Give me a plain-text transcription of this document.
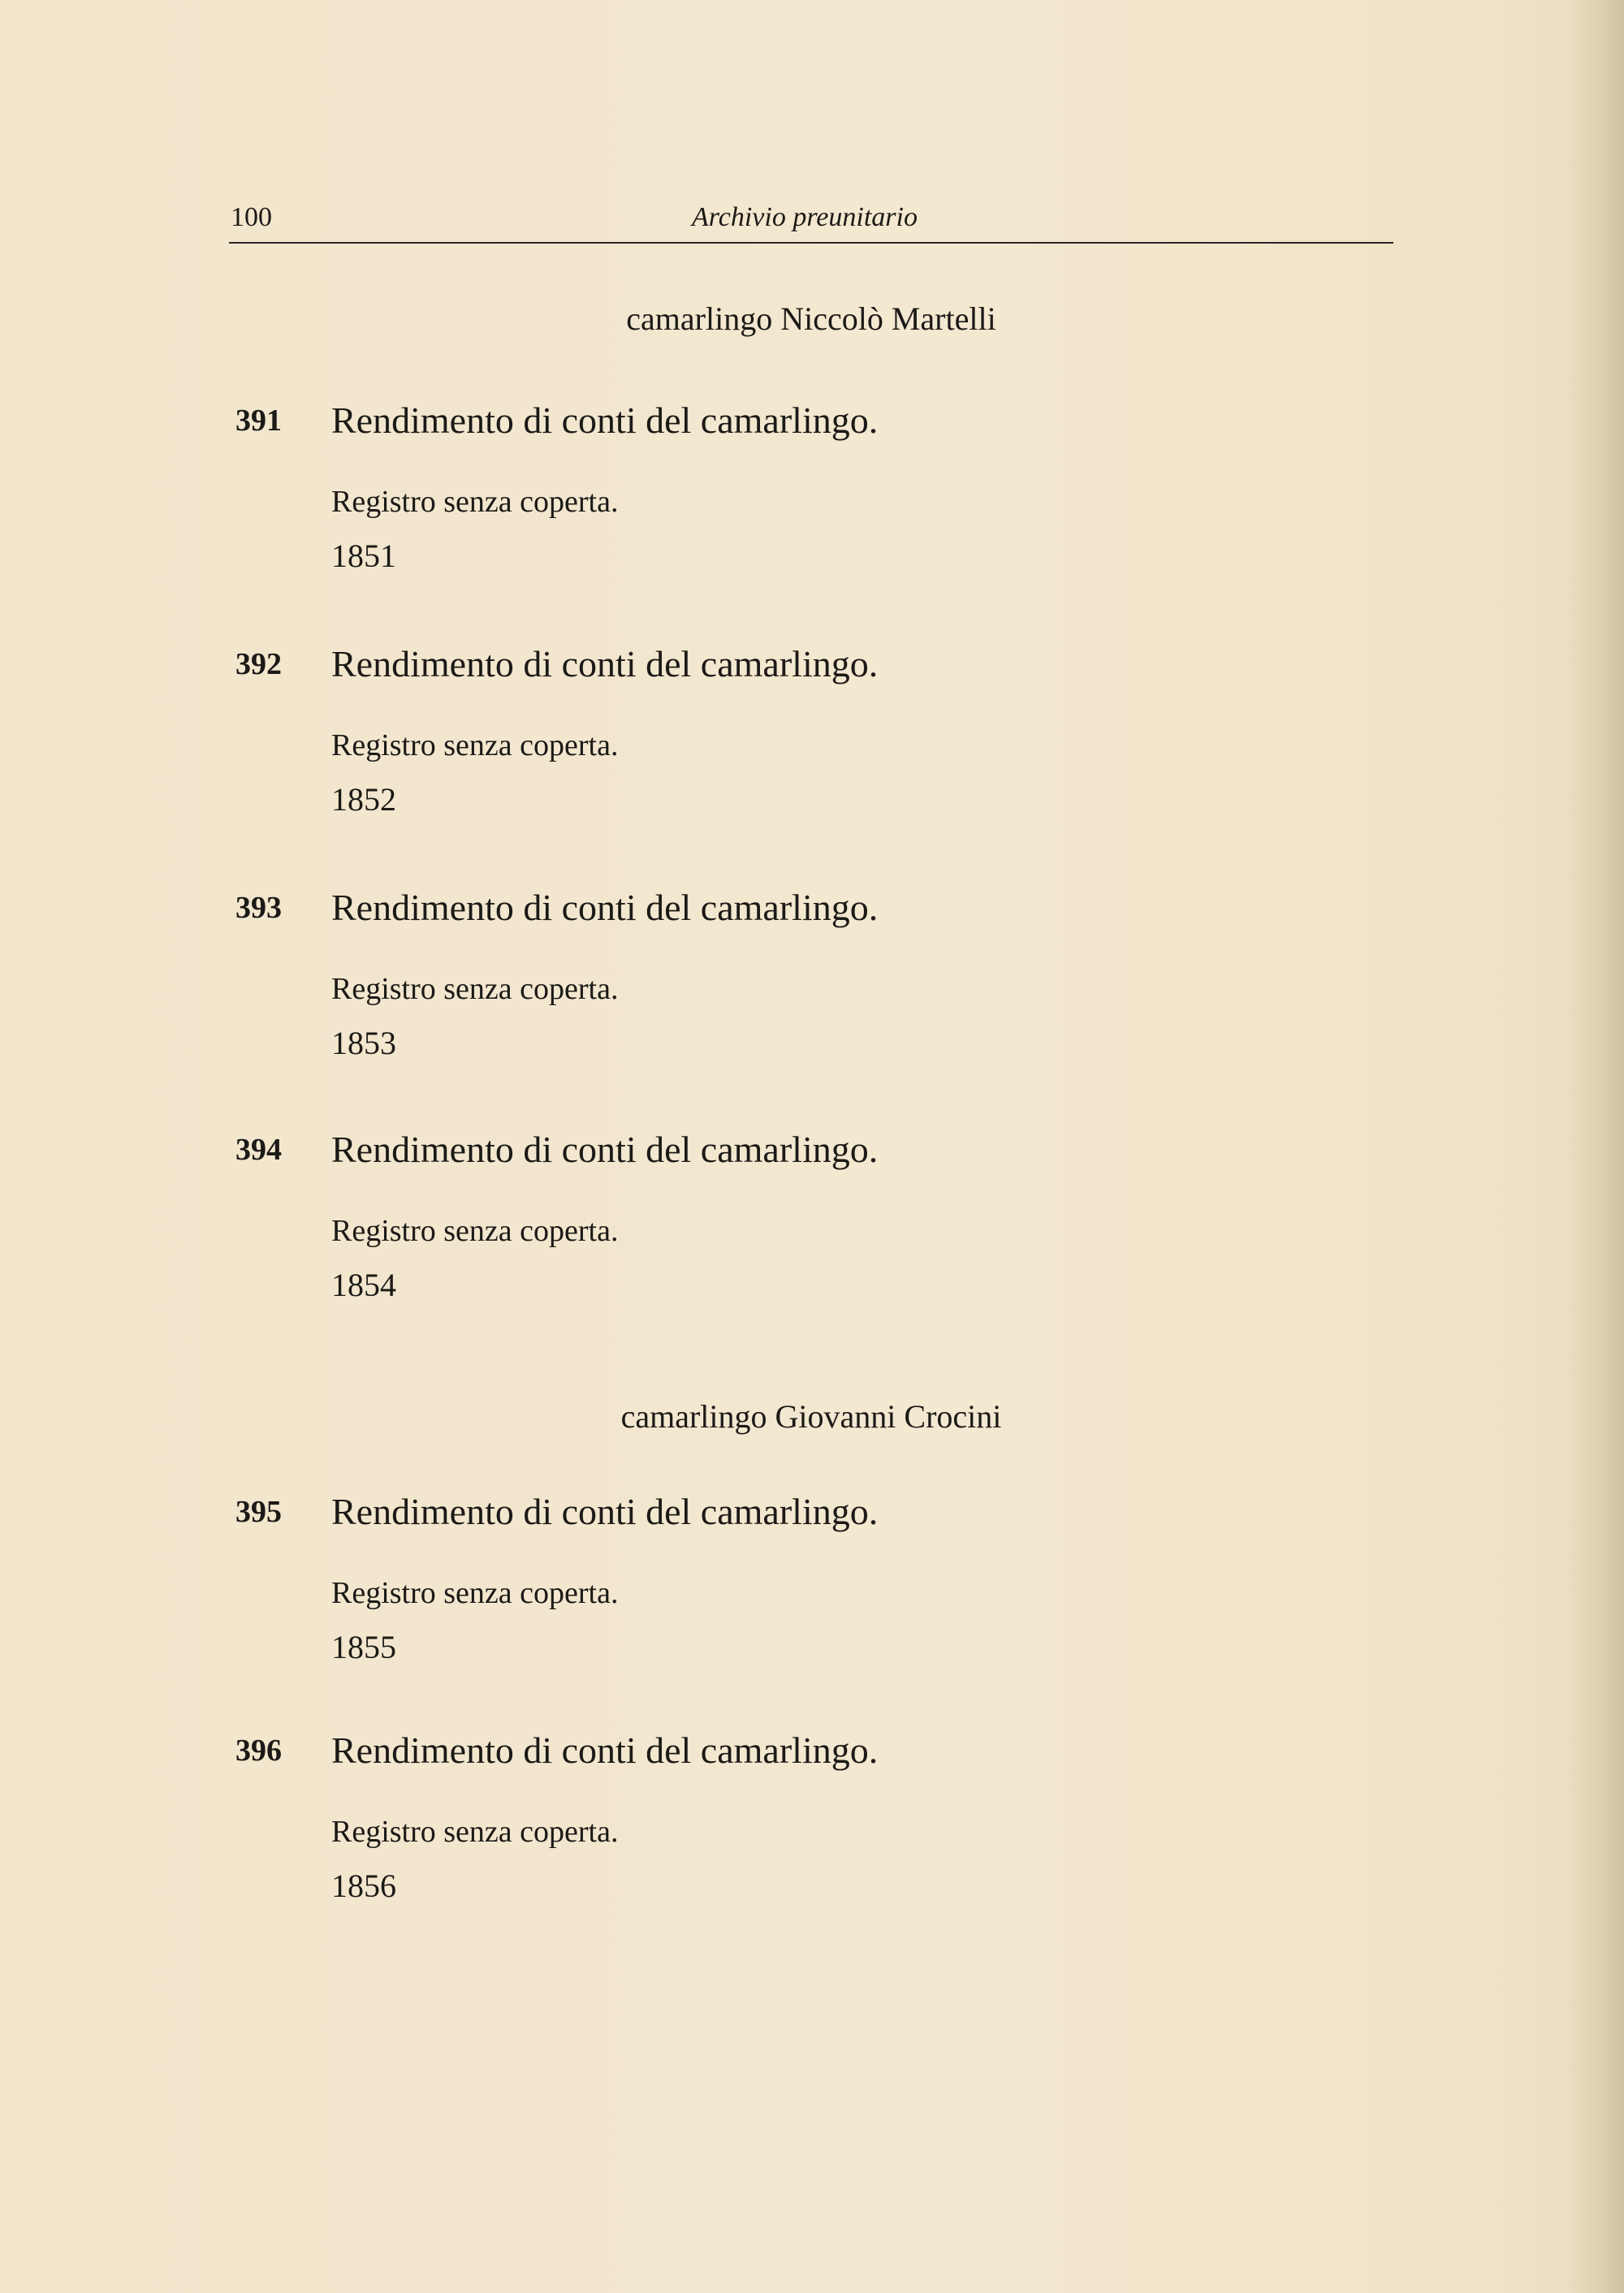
100	Archivio preunitario
camarlingo Niccolò Martelli
391 Rendimento di conti del camarlingo.
Registro senza coperta.
1851
392 Rendimento di conti del camarlingo.
Registro senza coperta.
1852
393 Rendimento di conti del camarlingo.
Registro senza coperta.
1853
394 Rendimento di conti del camarlingo.
Registro senza coperta.
1854
camarlingo Giovanni Crocini
395 Rendimento di conti del camarlingo.
Registro senza coperta.
1855
396 Rendimento di conti del camarlingo.
Registro senza coperta.
1856
